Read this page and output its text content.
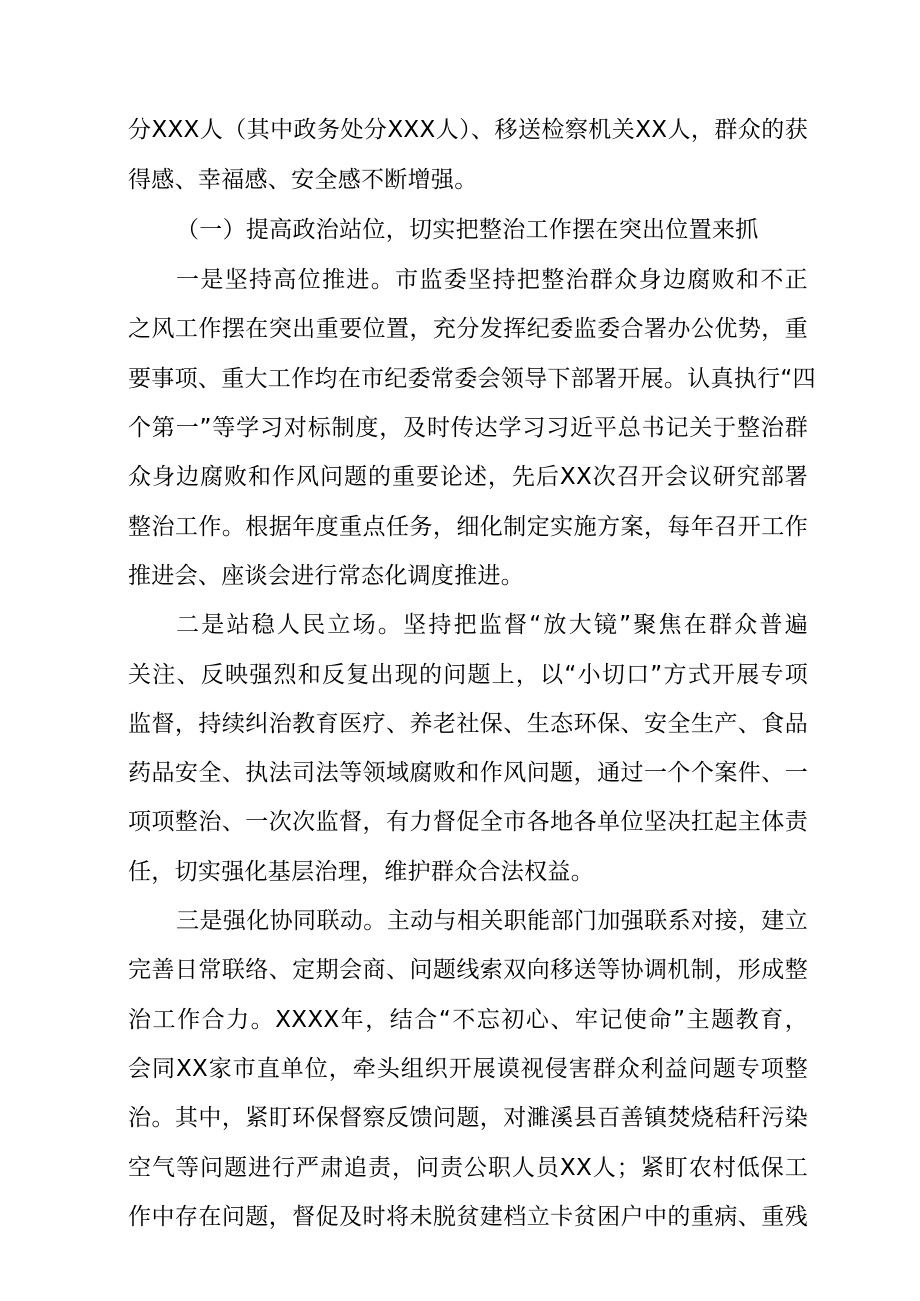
分XXX人（其中政务处分XXX人）、移送检察机关XX人，群众的获
得感、幸福感、安全感不断增强。
（一）提高政治站位，切实把整治工作摆在突出位置来抓
一是坚持高位推进。市监委坚持把整治群众身边腐败和不正
之风工作摆在突出重要位置，充分发挥纪委监委合署办公优势，重
要事项、重大工作均在市纪委常委会领导下部署开展。认真执行“四
个第一”等学习对标制度，及时传达学习习近平总书记关于整治群
众身边腐败和作风问题的重要论述，先后XX次召开会议研究部署
整治工作。根据年度重点任务，细化制定实施方案，每年召开工作
推进会、座谈会进行常态化调度推进。
二是站稳人民立场。坚持把监督“放大镜”聚焦在群众普遍
关注、反映强烈和反复出现的问题上，以“小切口”方式开展专项
监督，持续纠治教育医疗、养老社保、生态环保、安全生产、食品
药品安全、执法司法等领域腐败和作风问题，通过一个个案件、一
项项整治、一次次监督，有力督促全市各地各单位坚决扛起主体责
任，切实强化基层治理，维护群众合法权益。
三是强化协同联动。主动与相关职能部门加强联系对接，建立
完善日常联络、定期会商、问题线索双向移送等协调机制，形成整
治工作合力。XXXX年，结合“不忘初心、牢记使命”主题教育，
会同XX家市直单位，牵头组织开展谟视侵害群众利益问题专项整
治。其中，紧盯环保督察反馈问题，对濉溪县百善镇焚烧秸秆污染
空气等问题进行严肃追责，问责公职人员XX人；紧盯农村低保工
作中存在问题，督促及时将未脱贫建档立卡贫困户中的重病、重残
